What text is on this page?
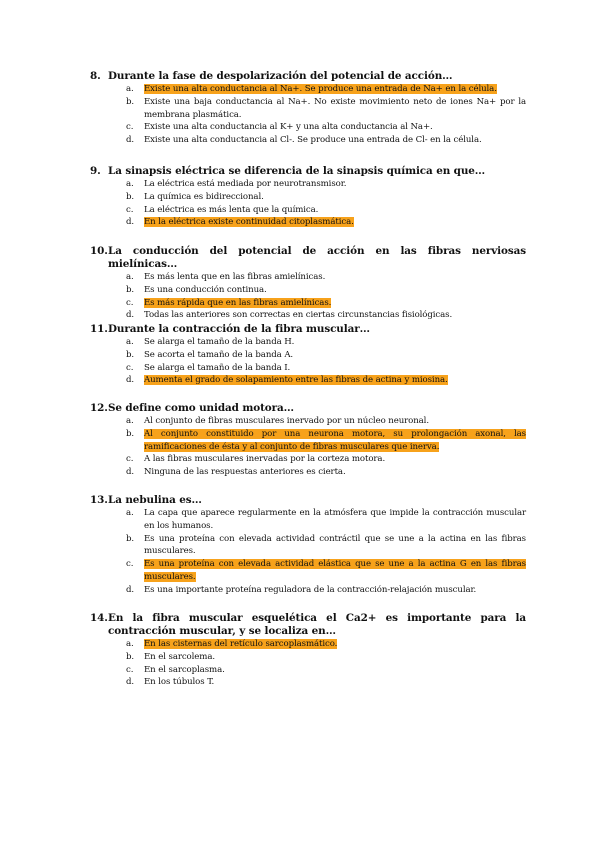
8. Durante la fase de despolarización del potencial de acción…
a.	Existe una alta conductancia al Na+. Se produce una entrada de Na+ en la célula.
b.	Existe una baja conductancia al Na+. No existe movimiento neto de iones Na+ por la membrana plasmática.
c.	Existe una alta conductancia al K+ y una alta conductancia al Na+.
d.	Existe una alta conductancia al Cl-. Se produce una entrada de Cl- en la célula.
9. La sinapsis eléctrica se diferencia de la sinapsis química en que…
a.	La eléctrica está mediada por neurotransmisor.
b.	La química es bidireccional.
c.	La eléctrica es más lenta que la química.
d.	En la eléctrica existe continuidad citoplasmática.
10. La conducción del potencial de acción en las fibras nerviosas mielínicas…
a.	Es más lenta que en las fibras amielínicas.
b.	Es una conducción continua.
c.	Es más rápida que en las fibras amielínicas.
d.	Todas las anteriores son correctas en ciertas circunstancias fisiológicas.
11. Durante la contracción de la fibra muscular…
a.	Se alarga el tamaño de la banda H.
b.	Se acorta el tamaño de la banda A.
c.	Se alarga el tamaño de la banda I.
d.	Aumenta el grado de solapamiento entre las fibras de actina y miosina.
12. Se define como unidad motora…
a.	Al conjunto de fibras musculares inervado por un núcleo neuronal.
b.	Al conjunto constituido por una neurona motora, su prolongación axonal, las ramificaciones de ésta y al conjunto de fibras musculares que inerva.
c.	A las fibras musculares inervadas por la corteza motora.
d.	Ninguna de las respuestas anteriores es cierta.
13. La nebulina es…
a.	La capa que aparece regularmente en la atmósfera que impide la contracción muscular en los humanos.
b.	Es una proteína con elevada actividad contráctil que se une a la actina en las fibras musculares.
c.	Es una proteína con elevada actividad elástica que se une a la actina G en las fibras musculares.
d.	Es una importante proteína reguladora de la contracción-relajación muscular.
14. En la fibra muscular esquelética el Ca2+ es importante para la contracción muscular, y se localiza en…
a.	En las cisternas del retículo sarcoplasmático.
b.	En el sarcolema.
c.	En el sarcoplasma.
d.	En los túbulos T.
